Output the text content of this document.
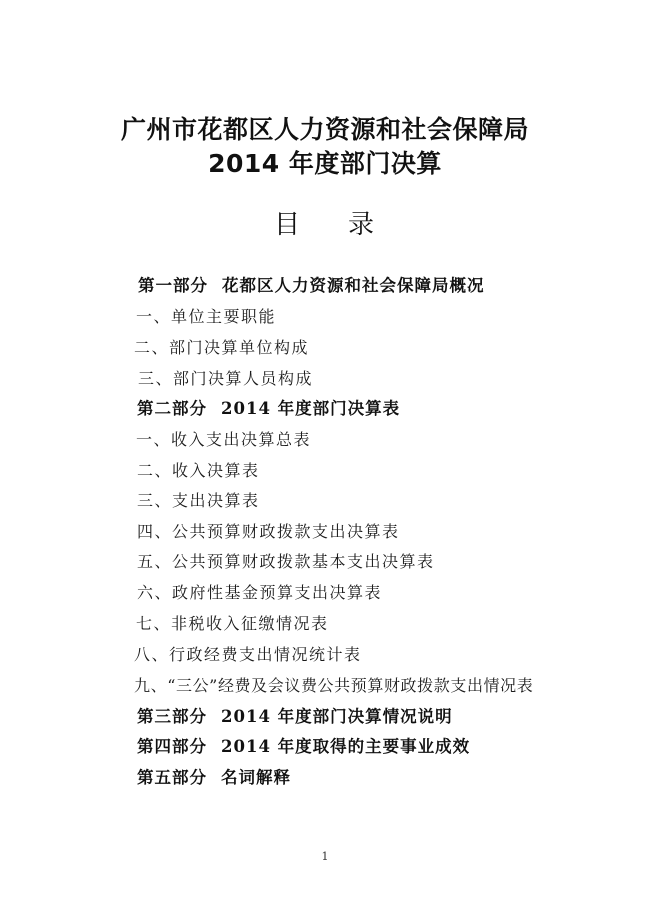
广州市花都区人力资源和社会保障局
2014 年度部门决算
目 录
第一部分 花都区人力资源和社会保障局概况
一、单位主要职能
二、部门决算单位构成
三、部门决算人员构成
第二部分 2014 年度部门决算表
一、收入支出决算总表
二、收入决算表
三、支出决算表
四、公共预算财政拨款支出决算表
五、公共预算财政拨款基本支出决算表
六、政府性基金预算支出决算表
七、非税收入征缴情况表
八、行政经费支出情况统计表
九、“三公”经费及会议费公共预算财政拨款支出情况表
第三部分 2014 年度部门决算情况说明
第四部分 2014 年度取得的主要事业成效
第五部分 名词解释
1
